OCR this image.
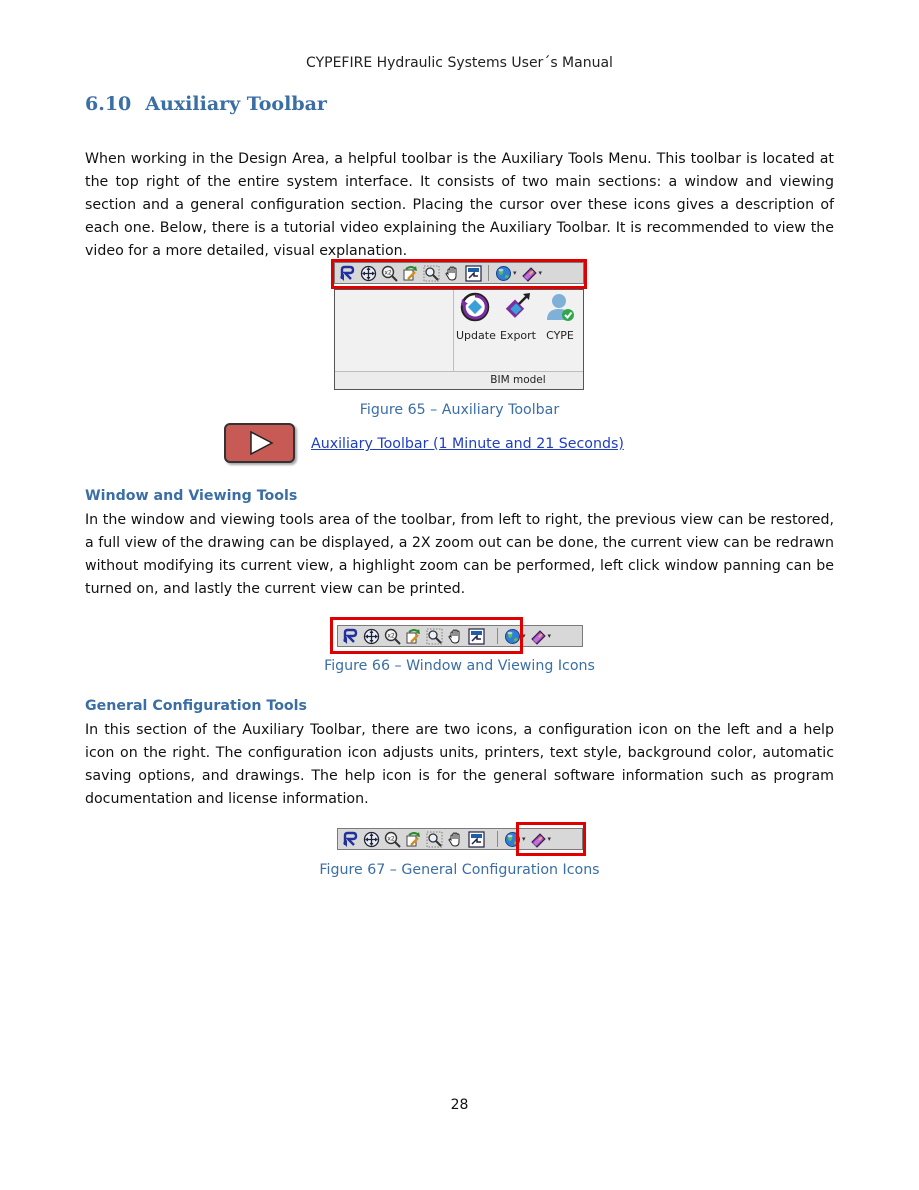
CYPEFIRE Hydraulic Systems User´s Manual
6.10 Auxiliary Toolbar
When working in the Design Area, a helpful toolbar is the Auxiliary Tools Menu. This toolbar is located at the top right of the entire system interface. It consists of two main sections: a window and viewing section and a general configuration section. Placing the cursor over these icons gives a description of each one. Below, there is a tutorial video explaining the Auxiliary Toolbar. It is recommended to view the video for a more detailed, visual explanation.
▾	▾
Update Export CYPE
BIM model
Figure 65 – Auxiliary Toolbar
Auxiliary Toolbar (1 Minute and 21 Seconds)
Window and Viewing Tools
In the window and viewing tools area of the toolbar, from left to right, the previous view can be restored, a full view of the drawing can be displayed, a 2X zoom out can be done, the current view can be redrawn without modifying its current view, a highlight zoom can be performed, left click window panning can be turned on, and lastly the current view can be printed.
▾	▾
Figure 66 – Window and Viewing Icons
General Configuration Tools
In this section of the Auxiliary Toolbar, there are two icons, a configuration icon on the left and a help icon on the right. The configuration icon adjusts units, printers, text style, background color, automatic saving options, and drawings. The help icon is for the general software information such as program documentation and license information.
▾	▾
Figure 67 – General Configuration Icons
28
